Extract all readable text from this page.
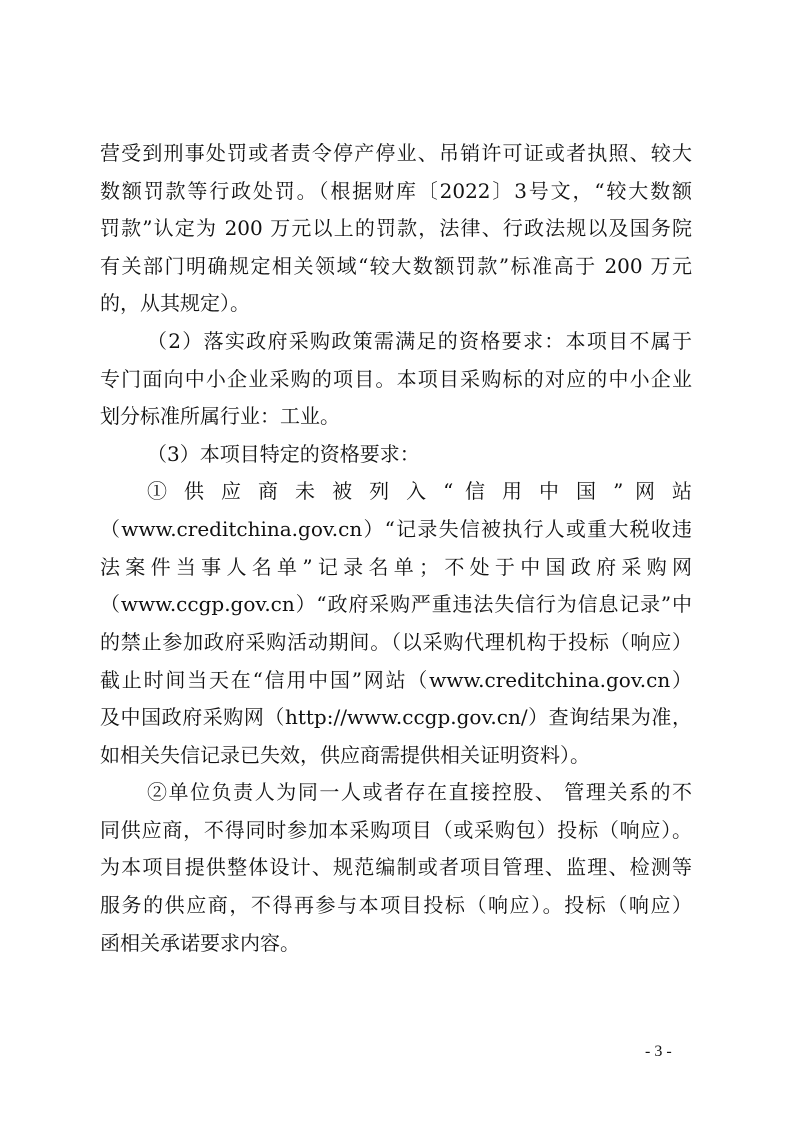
营受到刑事处罚或者责令停产停业、吊销许可证或者执照、较大
数额罚款等行政处罚。（根据财库〔2022〕3号文，“较大数额
罚款”认定为 200 万元以上的罚款，法律、行政法规以及国务院
有关部门明确规定相关领域“较大数额罚款”标准高于 200 万元
的，从其规定）。
（2）落实政府采购政策需满足的资格要求：本项目不属于
专门面向中小企业采购的项目。本项目采购标的对应的中小企业
划分标准所属行业：工业。
（3）本项目特定的资格要求：
① 供 应 商 未 被 列 入 “ 信 用 中 国 ” 网 站
（www.creditchina.gov.cn）“记录失信被执行人或重大税收违
法案件当事人名单”记录名单；不处于中国政府采购网
（www.ccgp.gov.cn）“政府采购严重违法失信行为信息记录”中
的禁止参加政府采购活动期间。（以采购代理机构于投标（响应）
截止时间当天在“信用中国”网站（www.creditchina.gov.cn）
及中国政府采购网（http://www.ccgp.gov.cn/）查询结果为准，
如相关失信记录已失效，供应商需提供相关证明资料）。
②单位负责人为同一人或者存在直接控股、 管理关系的不
同供应商，不得同时参加本采购项目（或采购包）投标（响应）。
为本项目提供整体设计、规范编制或者项目管理、监理、检测等
服务的供应商，不得再参与本项目投标（响应）。投标（响应）
函相关承诺要求内容。
- 3 -
